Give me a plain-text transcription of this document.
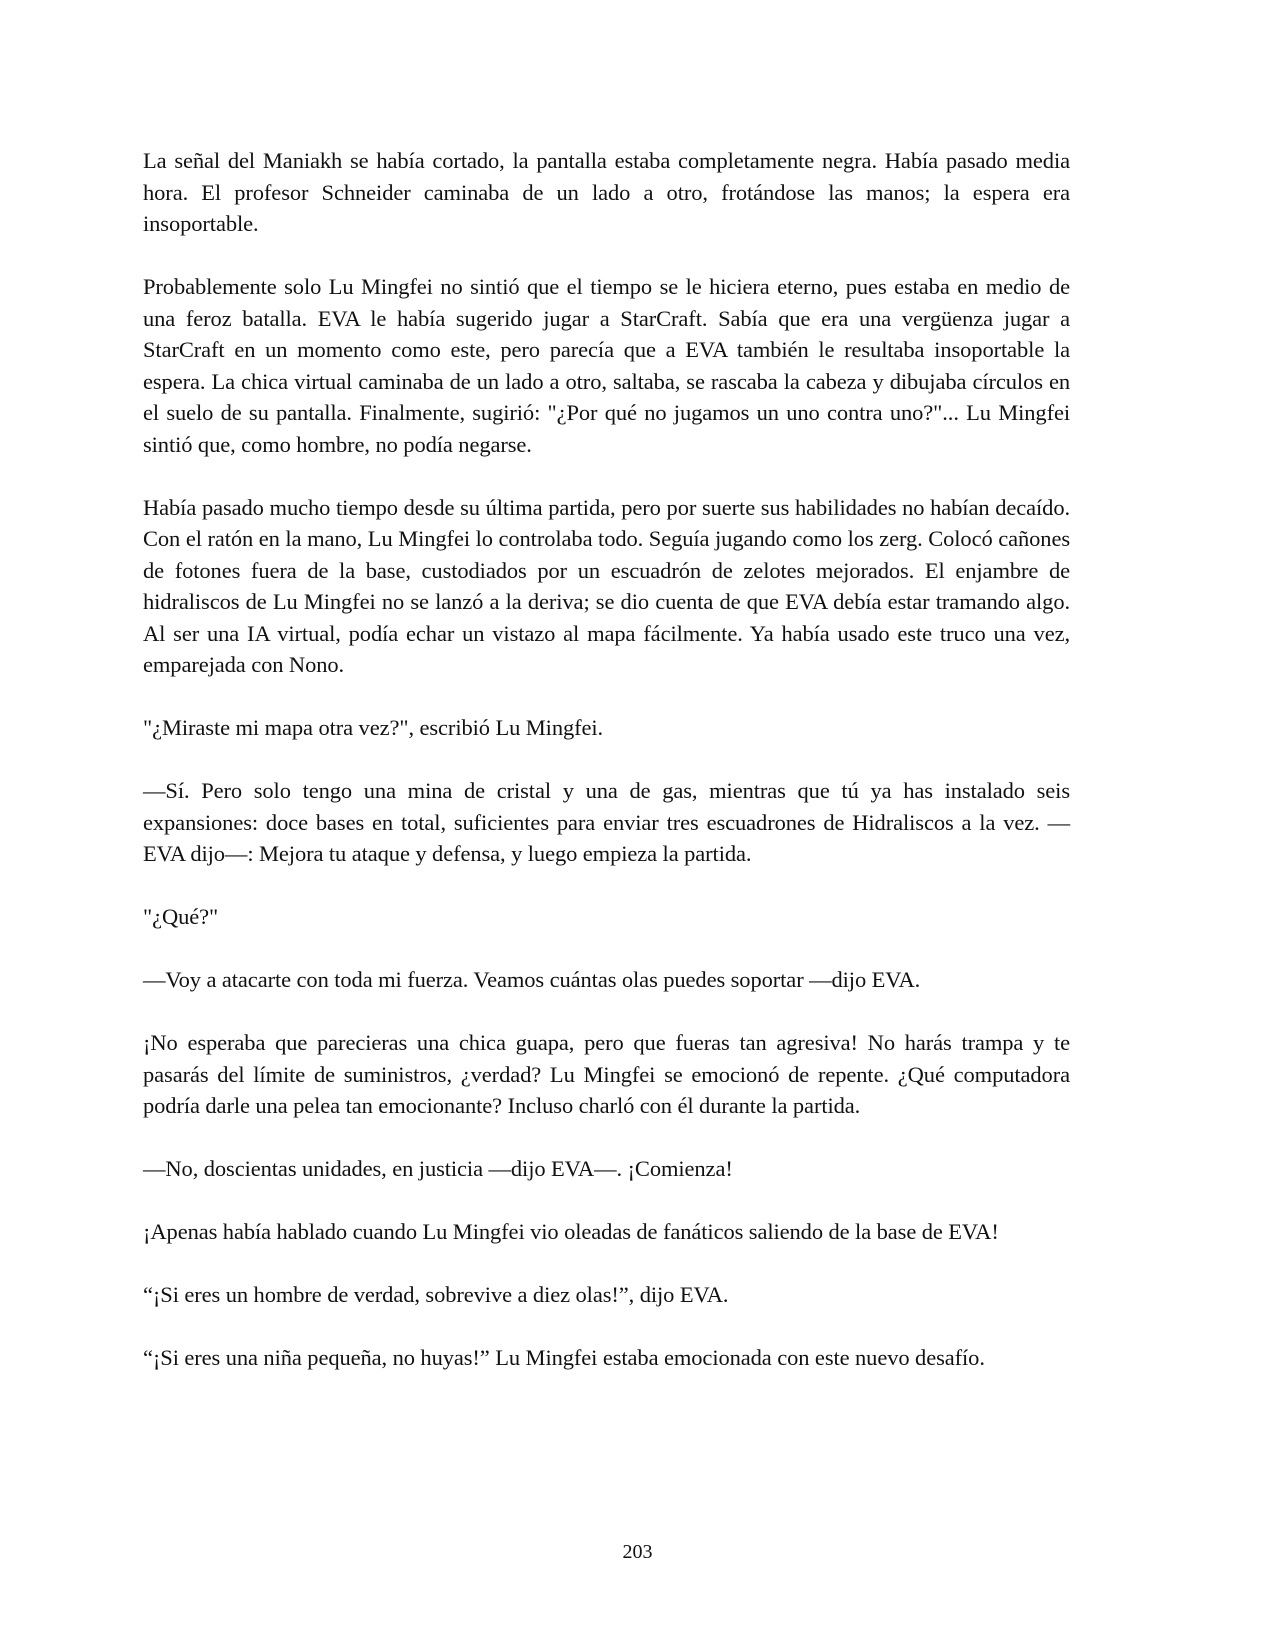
La señal del Maniakh se había cortado, la pantalla estaba completamente negra. Había pasado media hora. El profesor Schneider caminaba de un lado a otro, frotándose las manos; la espera era insoportable.

Probablemente solo Lu Mingfei no sintió que el tiempo se le hiciera eterno, pues estaba en medio de una feroz batalla. EVA le había sugerido jugar a StarCraft. Sabía que era una vergüenza jugar a StarCraft en un momento como este, pero parecía que a EVA también le resultaba insoportable la espera. La chica virtual caminaba de un lado a otro, saltaba, se rascaba la cabeza y dibujaba círculos en el suelo de su pantalla. Finalmente, sugirió: "¿Por qué no jugamos un uno contra uno?"... Lu Mingfei sintió que, como hombre, no podía negarse.

Había pasado mucho tiempo desde su última partida, pero por suerte sus habilidades no habían decaído. Con el ratón en la mano, Lu Mingfei lo controlaba todo. Seguía jugando como los zerg. Colocó cañones de fotones fuera de la base, custodiados por un escuadrón de zelotes mejorados. El enjambre de hidraliscos de Lu Mingfei no se lanzó a la deriva; se dio cuenta de que EVA debía estar tramando algo. Al ser una IA virtual, podía echar un vistazo al mapa fácilmente. Ya había usado este truco una vez, emparejada con Nono.

"¿Miraste mi mapa otra vez?", escribió Lu Mingfei.

—Sí. Pero solo tengo una mina de cristal y una de gas, mientras que tú ya has instalado seis expansiones: doce bases en total, suficientes para enviar tres escuadrones de Hidraliscos a la vez. —EVA dijo—: Mejora tu ataque y defensa, y luego empieza la partida.

"¿Qué?"

—Voy a atacarte con toda mi fuerza. Veamos cuántas olas puedes soportar —dijo EVA.

¡No esperaba que parecieras una chica guapa, pero que fueras tan agresiva! No harás trampa y te pasarás del límite de suministros, ¿verdad? Lu Mingfei se emocionó de repente. ¿Qué computadora podría darle una pelea tan emocionante? Incluso charló con él durante la partida.

—No, doscientas unidades, en justicia —dijo EVA—. ¡Comienza!

¡Apenas había hablado cuando Lu Mingfei vio oleadas de fanáticos saliendo de la base de EVA!

“¡Si eres un hombre de verdad, sobrevive a diez olas!”, dijo EVA.

“¡Si eres una niña pequeña, no huyas!” Lu Mingfei estaba emocionada con este nuevo desafío.

203
